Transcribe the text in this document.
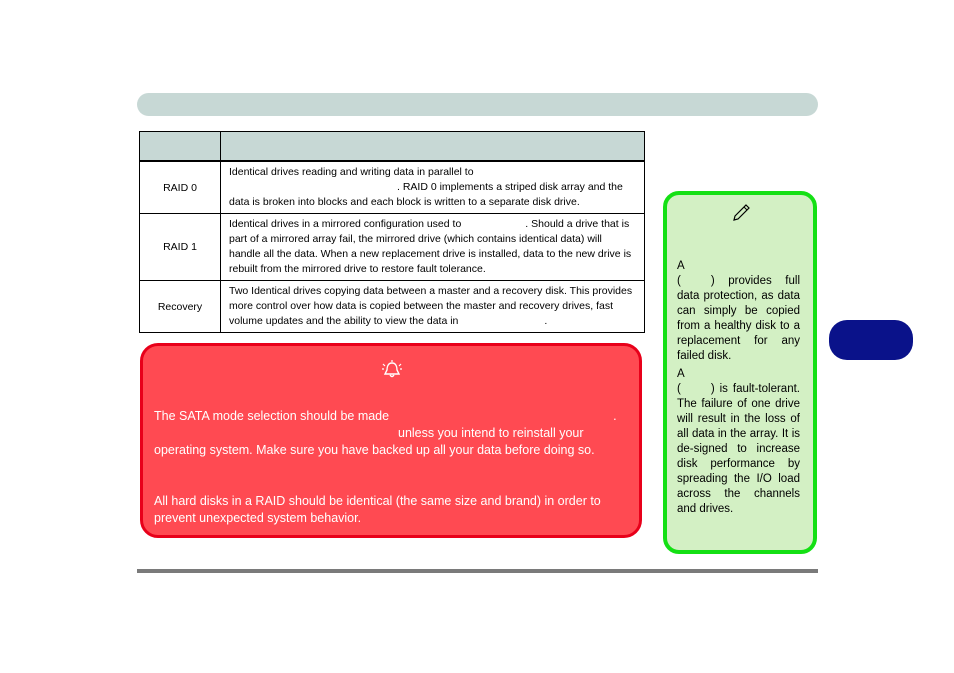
RAID 0	Identical drives reading and writing data in parallel to. RAID 0 implements a striped disk array and the data is broken into blocks and each block is written to a separate disk drive.
RAID 1	Identical drives in a mirrored configuration used to . Should a drive that is part of a mirrored array fail, the mirrored drive (which contains identical data) will handle all the data. When a new replacement drive is installed, data to the new drive is rebuilt from the mirrored drive to restore fault tolerance.
Recovery	Two Identical drives copying data between a master and a recovery disk. This provides more control over how data is copied between the master and recovery drives, fast volume updates and the ability to view the data in .
The SATA mode selection should be made	.
unless you intend to reinstall your operating system. Make sure you have backed up all your data before doing so.
All hard disks in a RAID should be identical (the same size and brand) in order to prevent unexpected system behavior.
A
(	) provides full data protection, as data can simply be copied from a healthy disk to a replacement for any failed disk.
A
(	) is fault-tolerant. The failure of one drive will result in the loss of all data in the array. It is de-signed to increase disk performance by spreading the I/O load across the channels and drives.
